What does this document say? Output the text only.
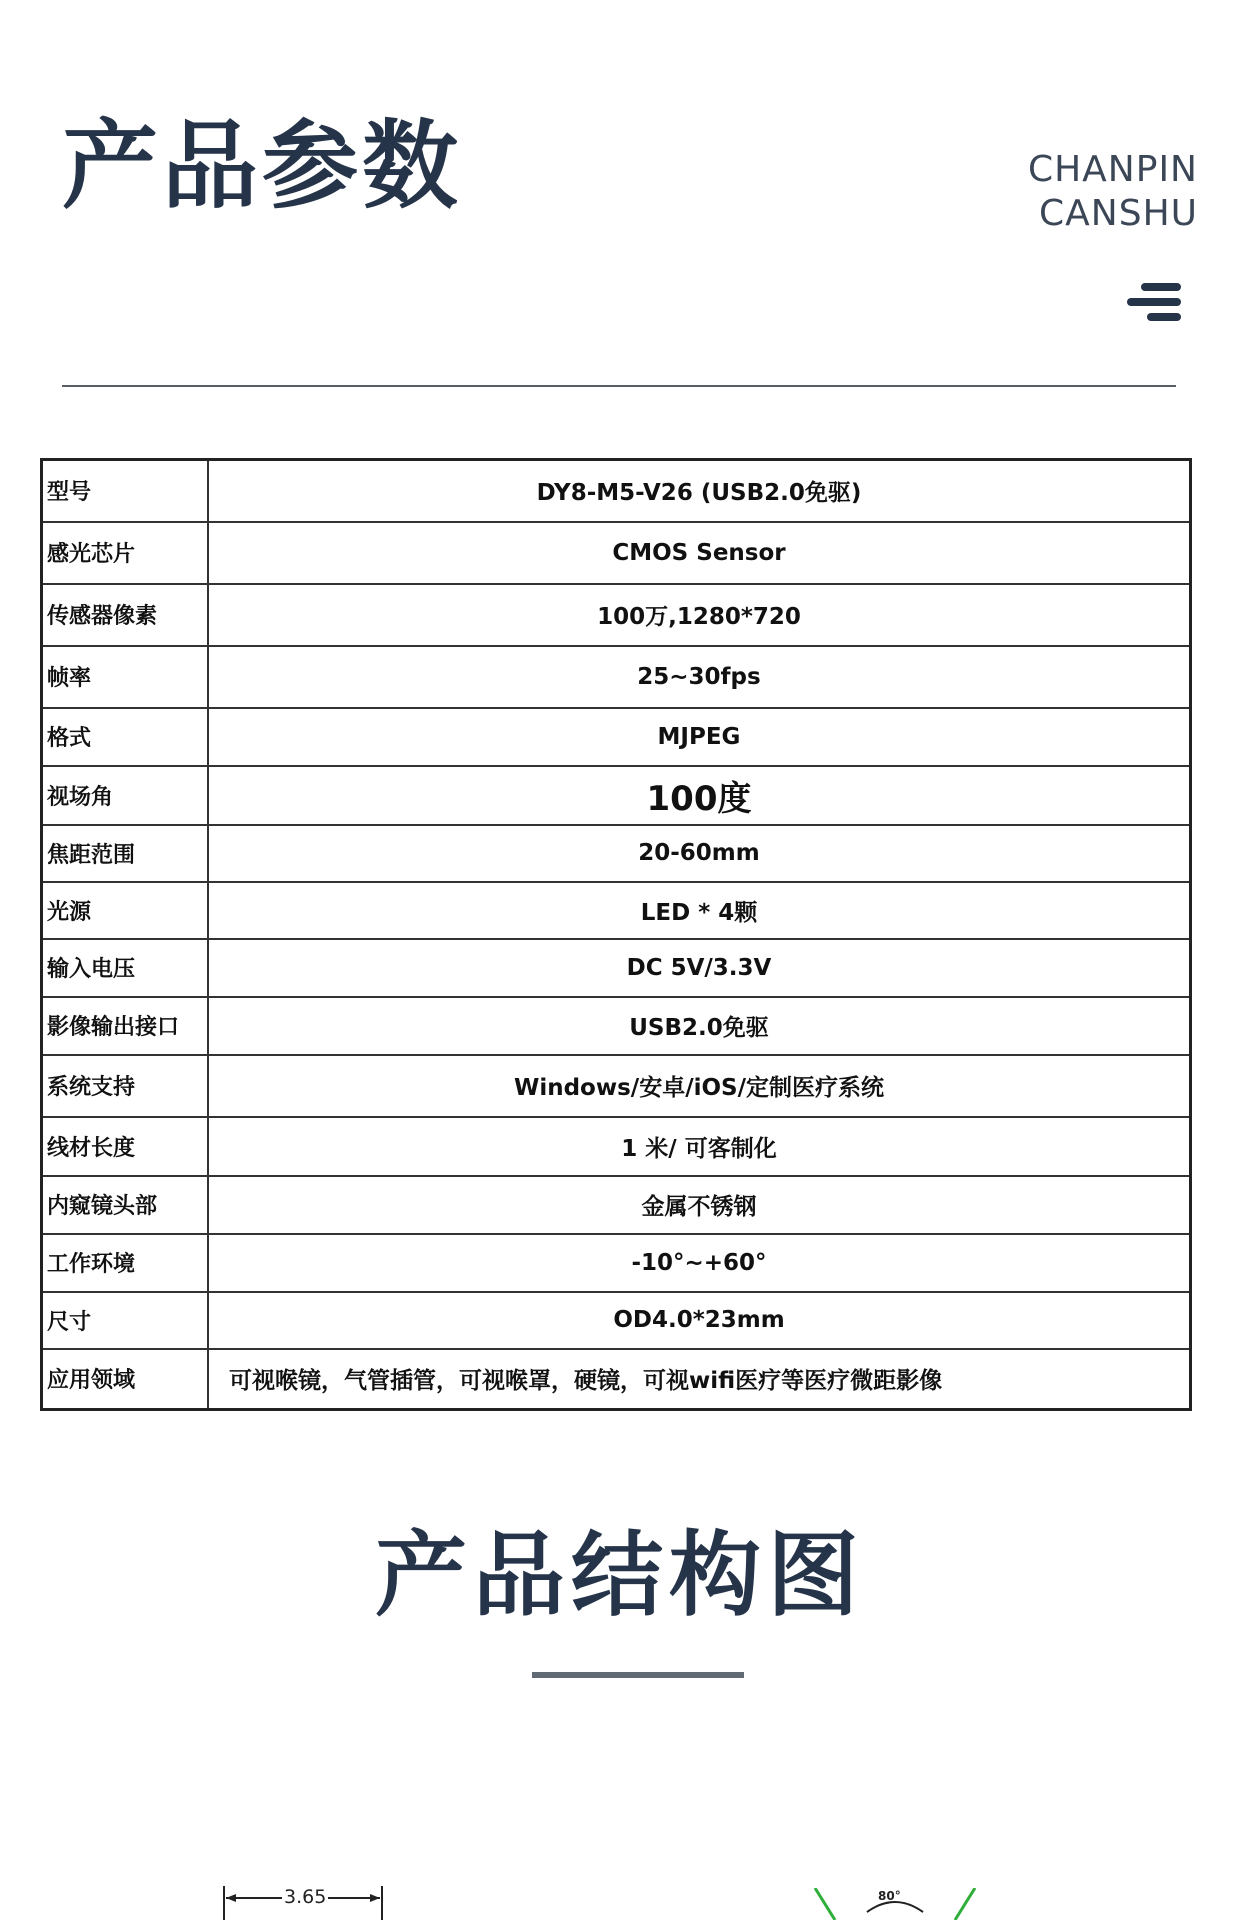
产品参数	CHANPIN
CANSHU
型号	DY8-M5-V26 (USB2.0免驱)
感光芯片	CMOS Sensor
传感器像素	100万,1280*720
帧率	25~30fps
格式	MJPEG
视场角	100度
焦距范围	20-60mm
光源	LED * 4颗
输入电压	DC 5V/3.3V
影像输出接口	USB2.0免驱
系统支持	Windows/安卓/iOS/定制医疗系统
线材长度	1 米/ 可客制化
内窥镜头部	金属不锈钢
工作环境	-10°~+60°
尺寸	OD4.0*23mm
应用领域	可视喉镜，气管插管，可视喉罩，硬镜，可视wifi医疗等医疗微距影像
产品结构图
3.65	80°
